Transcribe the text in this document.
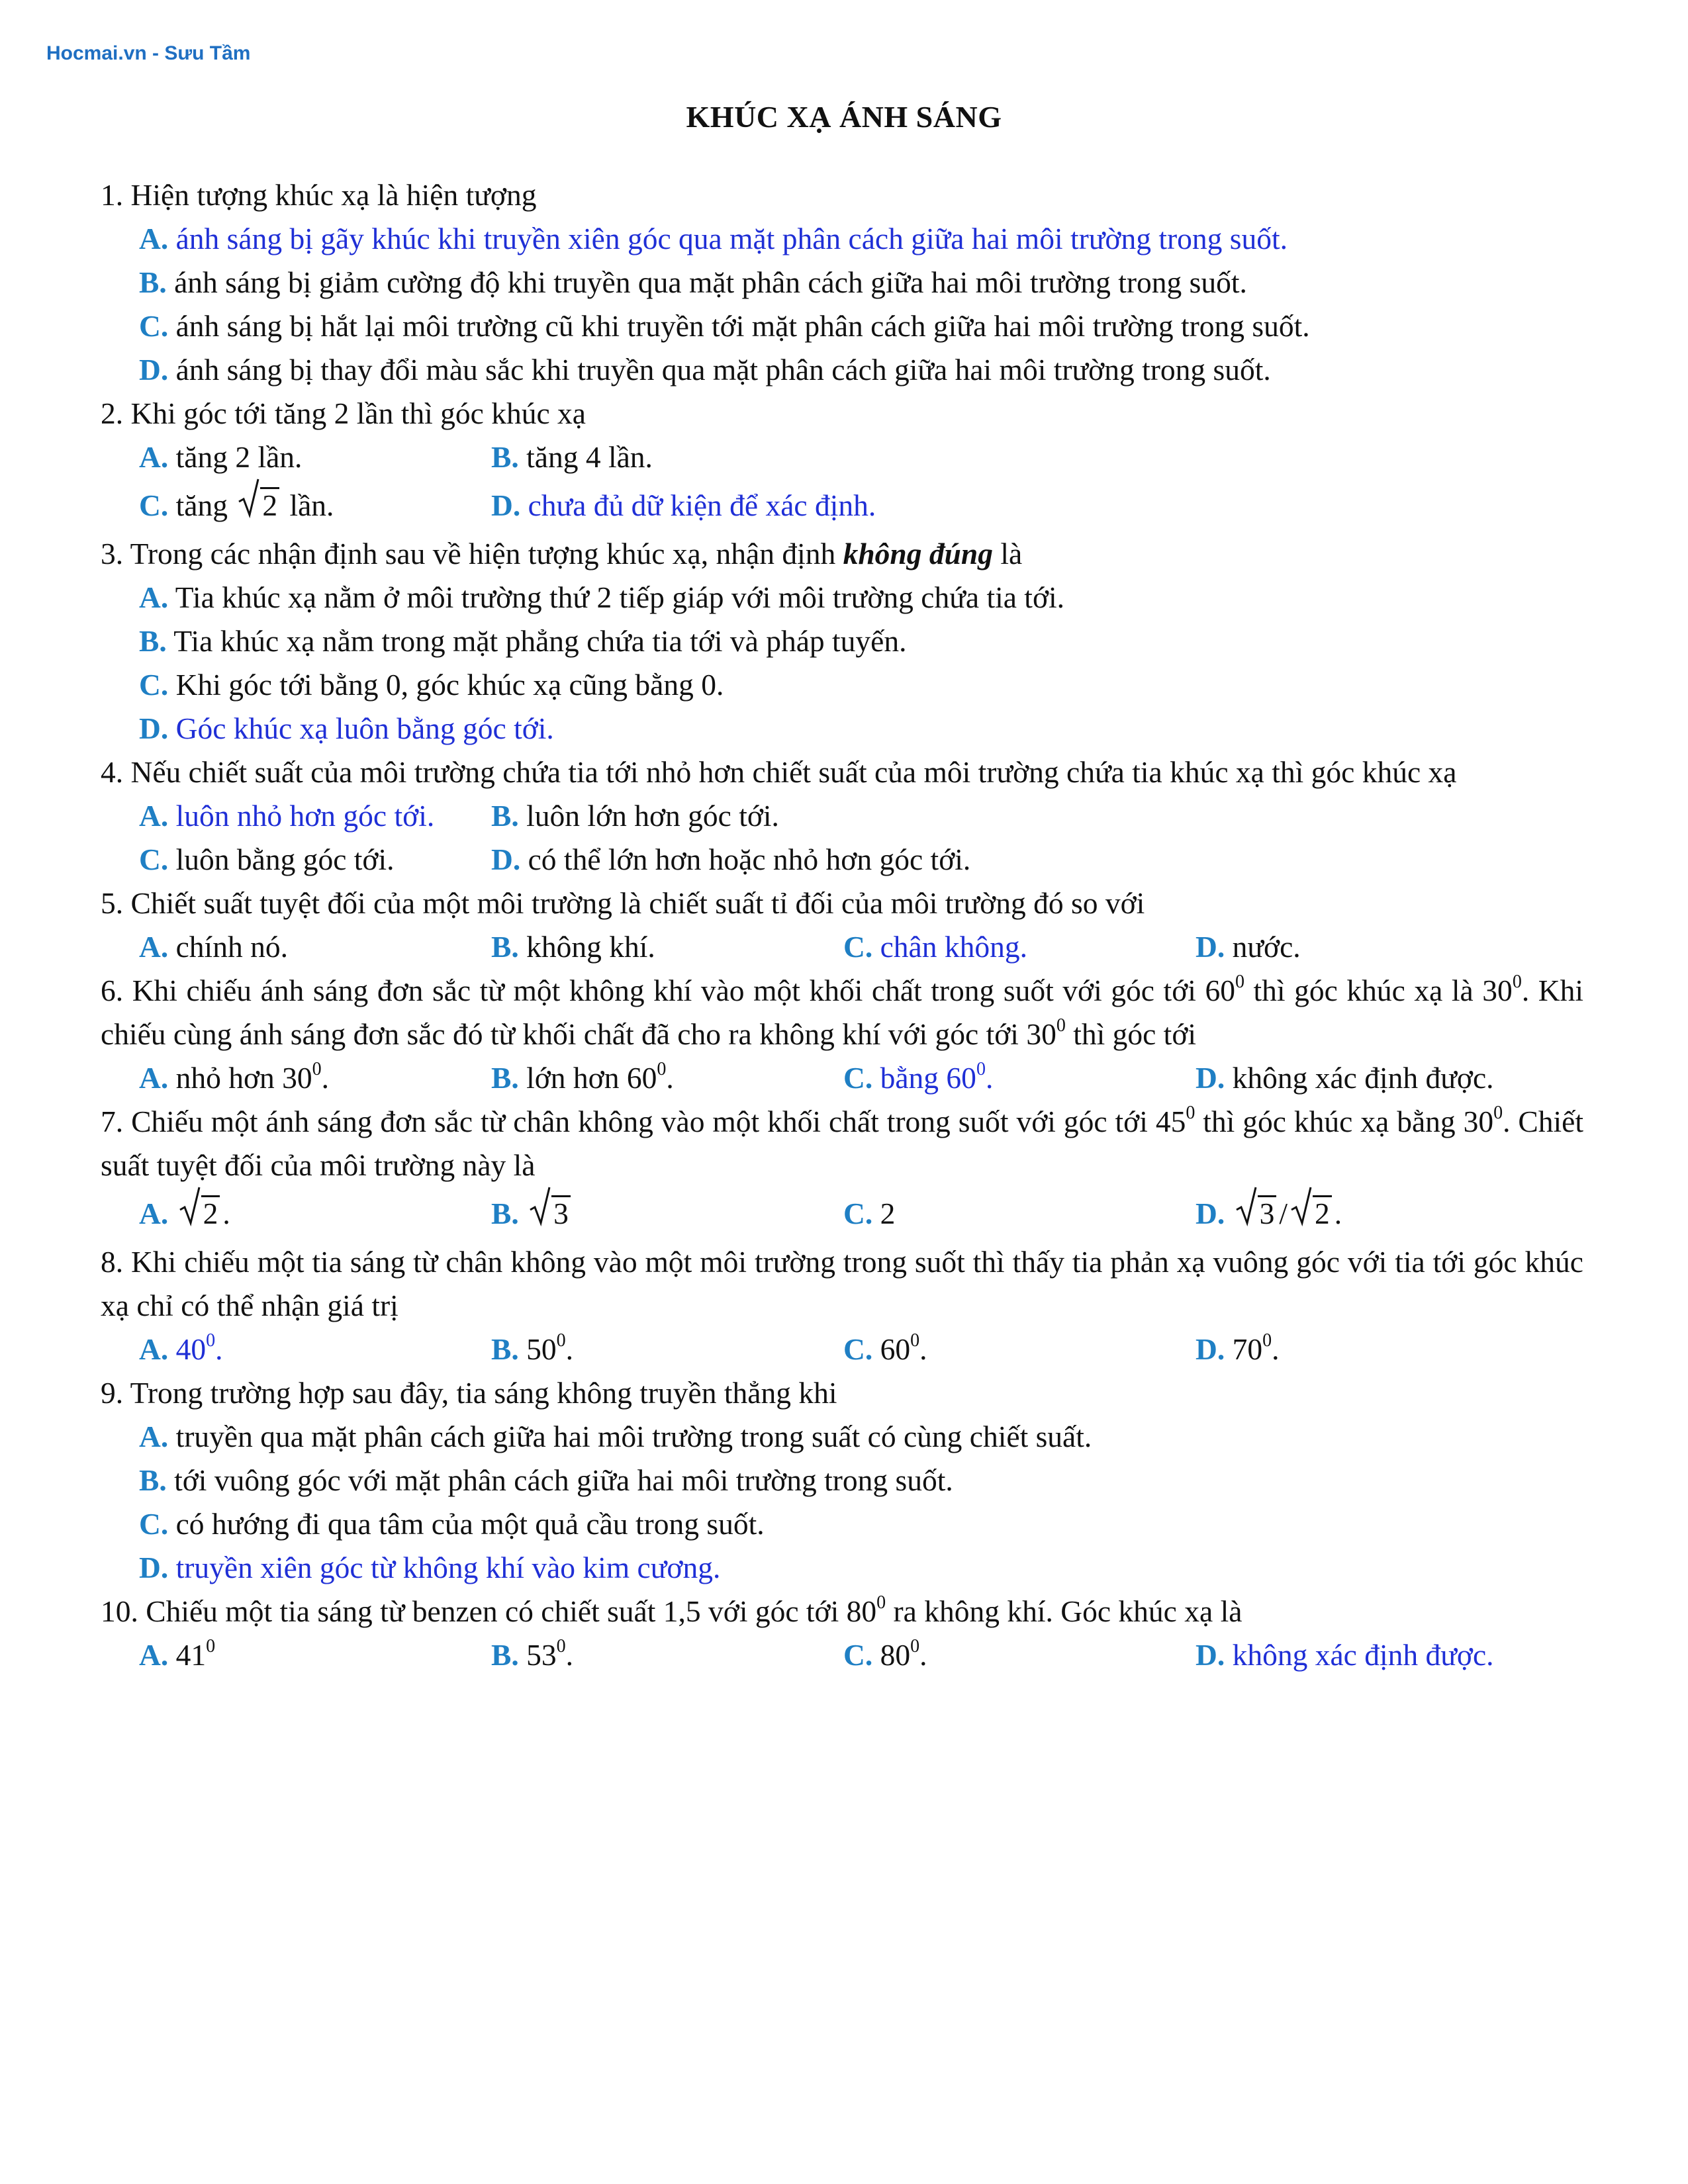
Hocmai.vn - Sưu Tầm
KHÚC XẠ ÁNH SÁNG
1. Hiện tượng khúc xạ là hiện tượng
A. ánh sáng bị gãy khúc khi truyền xiên góc qua mặt phân cách giữa hai môi trường trong suốt.
B. ánh sáng bị giảm cường độ khi truyền qua mặt phân cách giữa hai môi trường trong suốt.
C. ánh sáng bị hắt lại môi trường cũ khi truyền tới mặt phân cách giữa hai môi trường trong suốt.
D. ánh sáng bị thay đổi màu sắc khi truyền qua mặt phân cách giữa hai môi trường trong suốt.
2. Khi góc tới tăng 2 lần thì góc khúc xạ
A. tăng 2 lần.	B. tăng 4 lần.
C. tăng 2 lần.	D. chưa đủ dữ kiện để xác định.
3. Trong các nhận định sau về hiện tượng khúc xạ, nhận định không đúng là
A. Tia khúc xạ nằm ở môi trường thứ 2 tiếp giáp với môi trường chứa tia tới.
B. Tia khúc xạ nằm trong mặt phẳng chứa tia tới và pháp tuyến.
C. Khi góc tới bằng 0, góc khúc xạ cũng bằng 0.
D. Góc khúc xạ luôn bằng góc tới.
4. Nếu chiết suất của môi trường chứa tia tới nhỏ hơn chiết suất của môi trường chứa tia khúc xạ thì góc khúc xạ
A. luôn nhỏ hơn góc tới.	B. luôn lớn hơn góc tới.
C. luôn bằng góc tới.	D. có thể lớn hơn hoặc nhỏ hơn góc tới.
5. Chiết suất tuyệt đối của một môi trường là chiết suất tỉ đối của môi trường đó so với
A. chính nó.	B. không khí.	C. chân không.	D. nước.
6. Khi chiếu ánh sáng đơn sắc từ một không khí vào một khối chất trong suốt với góc tới $60^0$ thì góc khúc xạ là $30^0$. Khi chiếu cùng ánh sáng đơn sắc đó từ khối chất đã cho ra không khí với góc tới $30^0$ thì góc tới
A. nhỏ hơn $30^0$.	B. lớn hơn $60^0$.	C. bằng $60^0$.	D. không xác định được.
7. Chiếu một ánh sáng đơn sắc từ chân không vào một khối chất trong suốt với góc tới $45^0$ thì góc khúc xạ bằng $30^0$. Chiết suất tuyệt đối của môi trường này là
A. 2 .	B. 3	C. 2	D. 3 / 2 .
8. Khi chiếu một tia sáng từ chân không vào một môi trường trong suốt thì thấy tia phản xạ vuông góc với tia tới góc khúc xạ chỉ có thể nhận giá trị
A. $40^0$.	B. $50^0$.	C. $60^0$.	D. $70^0$.
9. Trong trường hợp sau đây, tia sáng không truyền thẳng khi
A. truyền qua mặt phân cách giữa hai môi trường trong suất có cùng chiết suất.
B. tới vuông góc với mặt phân cách giữa hai môi trường trong suốt.
C. có hướng đi qua tâm của một quả cầu trong suốt.
D. truyền xiên góc từ không khí vào kim cương.
10. Chiếu một tia sáng từ benzen có chiết suất 1,5 với góc tới $80^0$ ra không khí. Góc khúc xạ là
A. $41^0$	B. $53^0$.	C. $80^0$.	D. không xác định được.
